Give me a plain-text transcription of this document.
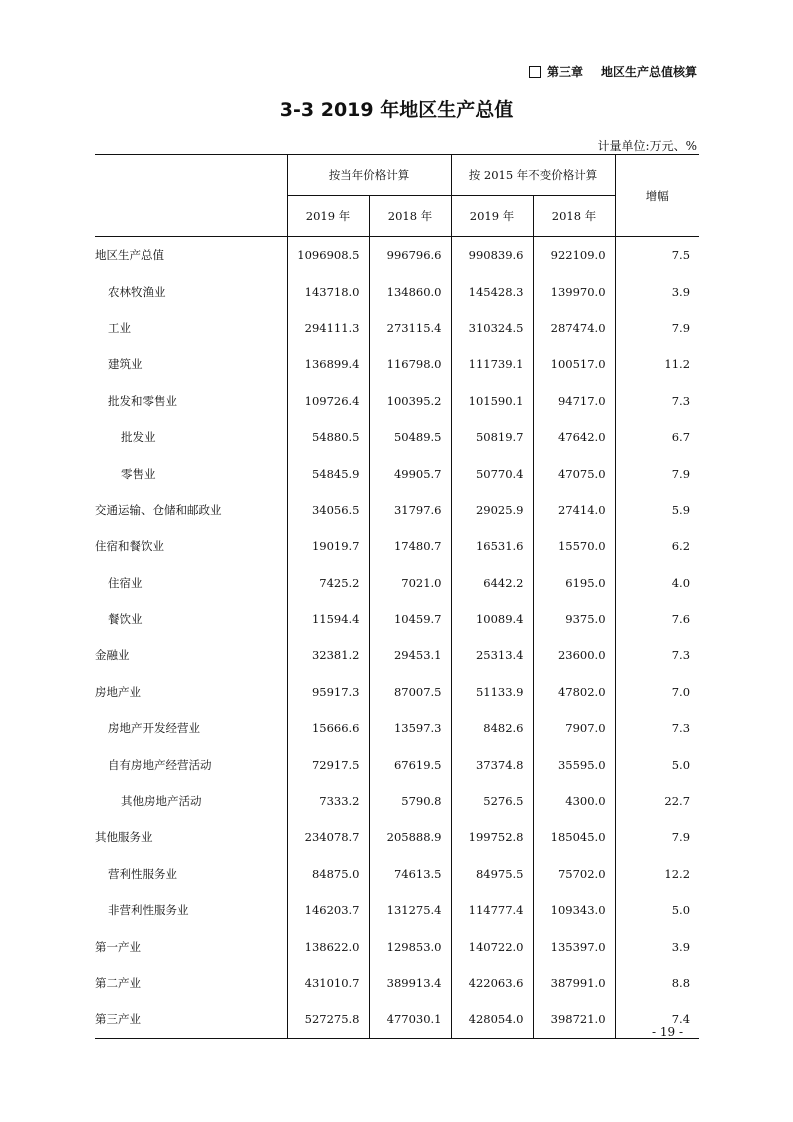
第三章 地区生产总值核算
3-3 2019 年地区生产总值
计量单位:万元、%
	按当年价格计算		按 2015 年不变价格计算		增幅
	2019 年	2018 年	2019 年	2018 年	
地区生产总值	1096908.5	996796.6	990839.6	922109.0	7.5
农林牧渔业	143718.0	134860.0	145428.3	139970.0	3.9
工业	294111.3	273115.4	310324.5	287474.0	7.9
建筑业	136899.4	116798.0	111739.1	100517.0	11.2
批发和零售业	109726.4	100395.2	101590.1	94717.0	7.3
批发业	54880.5	50489.5	50819.7	47642.0	6.7
零售业	54845.9	49905.7	50770.4	47075.0	7.9
交通运输、仓储和邮政业	34056.5	31797.6	29025.9	27414.0	5.9
住宿和餐饮业	19019.7	17480.7	16531.6	15570.0	6.2
住宿业	7425.2	7021.0	6442.2	6195.0	4.0
餐饮业	11594.4	10459.7	10089.4	9375.0	7.6
金融业	32381.2	29453.1	25313.4	23600.0	7.3
房地产业	95917.3	87007.5	51133.9	47802.0	7.0
房地产开发经营业	15666.6	13597.3	8482.6	7907.0	7.3
自有房地产经营活动	72917.5	67619.5	37374.8	35595.0	5.0
其他房地产活动	7333.2	5790.8	5276.5	4300.0	22.7
其他服务业	234078.7	205888.9	199752.8	185045.0	7.9
营利性服务业	84875.0	74613.5	84975.5	75702.0	12.2
非营利性服务业	146203.7	131275.4	114777.4	109343.0	5.0
第一产业	138622.0	129853.0	140722.0	135397.0	3.9
第二产业	431010.7	389913.4	422063.6	387991.0	8.8
第三产业	527275.8	477030.1	428054.0	398721.0	7.4
- 19 -
